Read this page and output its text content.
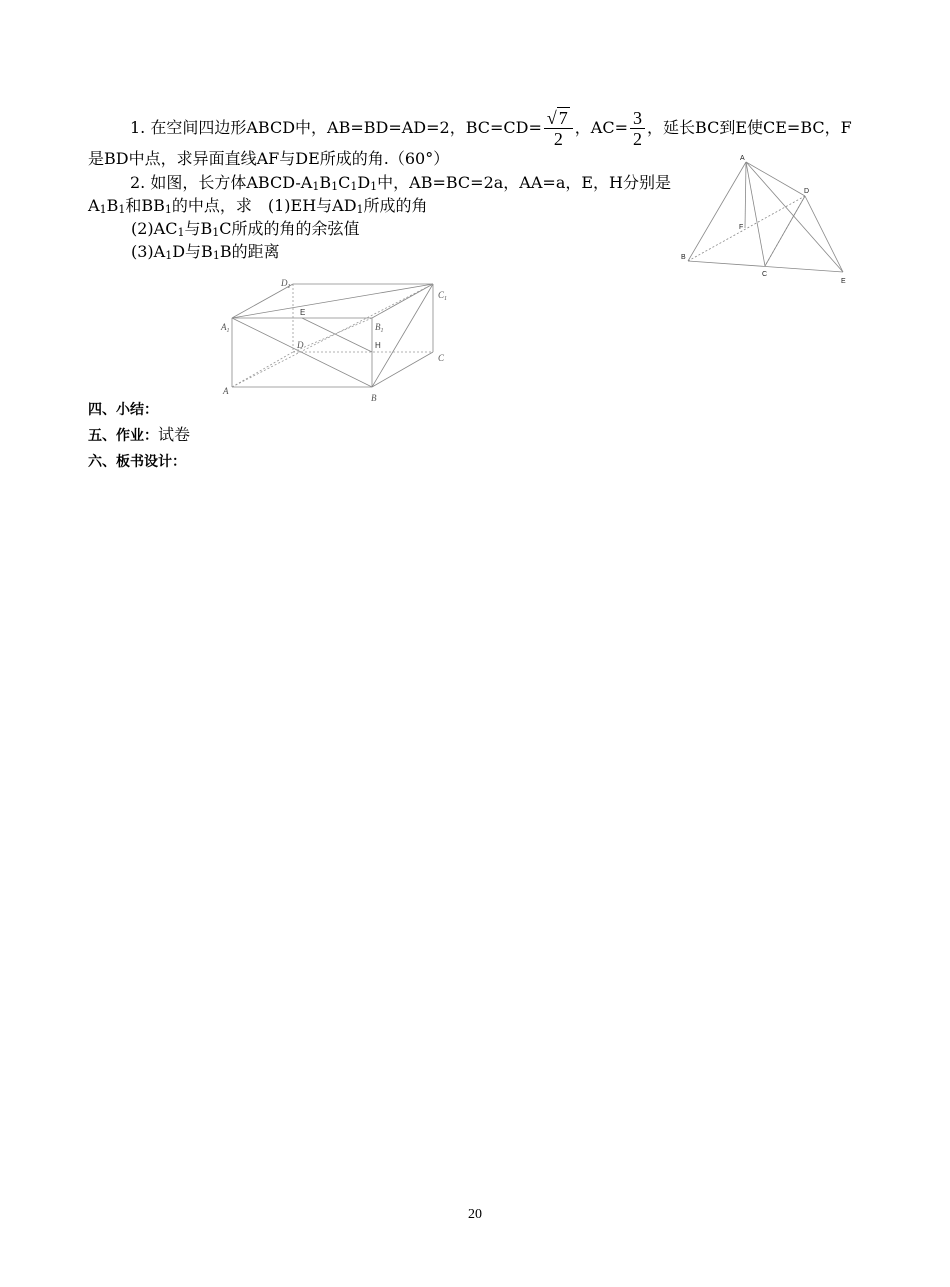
1. 在空间四边形ABCD中，AB=BD=AD=2，$BC=CD= \frac{√ 7}{2}$ ，$AC= \frac{3}{2}$ ，延长BC到E使CE=BC，F
是BD中点，求异面直线AF与DE所成的角.（60°）
2. 如图，长方体ABCD-$A_1B_1C_1D_1$中，AB=BC=2a，AA=a，E，H分别是
$A_1B_1$和$BB_1$的中点，求　(1)EH与$AD_1$所成的角
$(2)AC_1$与$B_1C$所成的角的余弦值
$(3)A_1D$与$B_1B$的距离
A
D
F
B
C
E
$D_1$
$C_1$
$A_1$	$B_1$
E
H
D
C
A
B
四、小结：
五、作业：试卷
六、板书设计：
20
